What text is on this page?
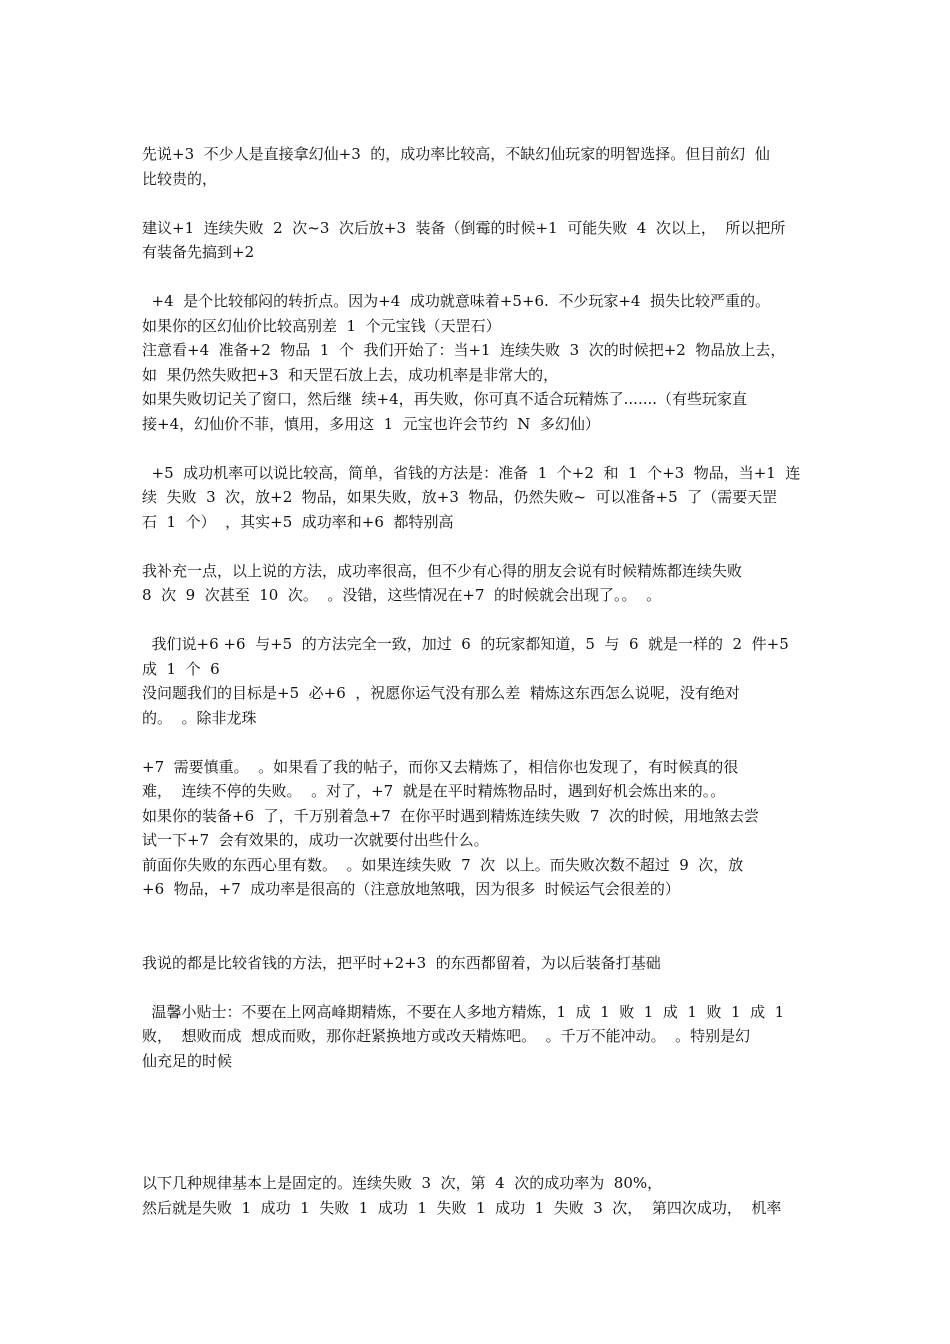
先说+3  不少人是直接拿幻仙+3  的，成功率比较高，不缺幻仙玩家的明智选择。但目前幻  仙
比较贵的，
建议+1  连续失败  2  次~3  次后放+3  装备（倒霉的时候+1  可能失败  4  次以上，  所以把所
有装备先搞到+2
+4  是个比较郁闷的转折点。因为+4  成功就意味着+5+6.  不少玩家+4  损失比较严重的。
如果你的区幻仙价比较高别差  1  个元宝钱（天罡石）
注意看+4  准备+2  物品  1  个  我们开始了：当+1  连续失败  3  次的时候把+2  物品放上去，
如  果仍然失败把+3  和天罡石放上去，成功机率是非常大的，
如果失败切记关了窗口，然后继  续+4，再失败，你可真不适合玩精炼了.......（有些玩家直
接+4，幻仙价不菲，慎用，多用这  1  元宝也许会节约  N  多幻仙）
+5  成功机率可以说比较高，简单，省钱的方法是：准备  1  个+2  和  1  个+3  物品，当+1  连
续  失败  3  次，放+2  物品，如果失败，放+3  物品，仍然失败~  可以准备+5  了（需要天罡
石  1  个）  ，其实+5  成功率和+6  都特别高
我补充一点，以上说的方法，成功率很高，但不少有心得的朋友会说有时候精炼都连续失败
8  次  9  次甚至  10  次。  。没错，这些情况在+7  的时候就会出现了。。  。
我们说+6 +6  与+5  的方法完全一致，加过  6  的玩家都知道，5  与  6  就是一样的  2  件+5
成  1  个  6
没问题我们的目标是+5  必+6  ，祝愿你运气没有那么差  精炼这东西怎么说呢，没有绝对
的。  。除非龙珠
+7  需要慎重。  。如果看了我的帖子，而你又去精炼了，相信你也发现了，有时候真的很
难，  连续不停的失败。  。对了，+7  就是在平时精炼物品时，遇到好机会炼出来的。。
如果你的装备+6  了，千万别着急+7  在你平时遇到精炼连续失败  7  次的时候，用地煞去尝
试一下+7  会有效果的，成功一次就要付出些什么。
前面你失败的东西心里有数。  。如果连续失败  7  次  以上。而失败次数不超过  9  次，放
+6  物品，+7  成功率是很高的（注意放地煞哦，因为很多  时候运气会很差的）
我说的都是比较省钱的方法，把平时+2+3  的东西都留着，为以后装备打基础
温馨小贴士：不要在上网高峰期精炼，不要在人多地方精炼，1  成  1  败  1  成  1  败  1  成  1
败，  想败而成  想成而败，那你赶紧换地方或改天精炼吧。  。千万不能冲动。  。特别是幻
仙充足的时候
以下几种规律基本上是固定的。连续失败  3  次，第  4  次的成功率为  80%，
然后就是失败  1  成功  1  失败  1  成功  1  失败  1  成功  1  失败  3  次，  第四次成功，  机率
